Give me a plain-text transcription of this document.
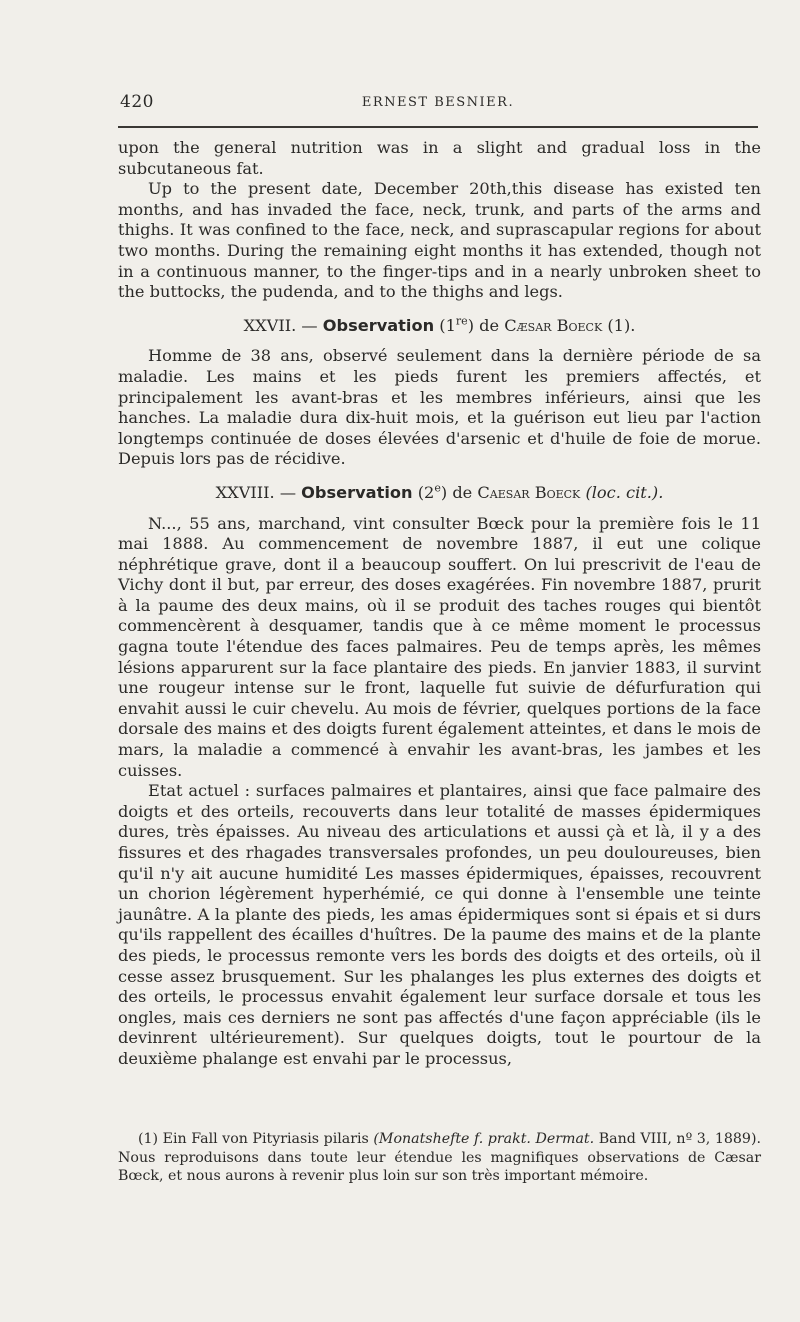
420	ERNEST BESNIER.

upon the general nutrition was in a slight and gradual loss in the subcutaneous fat.

Up to the present date, December 20th,this disease has existed ten months, and has invaded the face, neck, trunk, and parts of the arms and thighs. It was confined to the face, neck, and suprascapular regions for about two months. During the remaining eight months it has extended, though not in a continuous manner, to the finger-tips and in a nearly unbroken sheet to the buttocks, the pudenda, and to the thighs and legs.

XXVII. — Observation (1re) de Cæsar Boeck (1).

Homme de 38 ans, observé seulement dans la dernière période de sa maladie. Les mains et les pieds furent les premiers affectés, et principalement les avant-bras et les membres inférieurs, ainsi que les hanches. La maladie dura dix-huit mois, et la guérison eut lieu par l'action longtemps continuée de doses élevées d'arsenic et d'huile de foie de morue. Depuis lors pas de récidive.

XXVIII. — Observation (2e) de Caesar Boeck (loc. cit.).

N..., 55 ans, marchand, vint consulter Bœck pour la première fois le 11 mai 1888. Au commencement de novembre 1887, il eut une colique néphrétique grave, dont il a beaucoup souffert. On lui prescrivit de l'eau de Vichy dont il but, par erreur, des doses exagérées. Fin novembre 1887, prurit à la paume des deux mains, où il se produit des taches rouges qui bientôt commencèrent à desquamer, tandis que à ce même moment le processus gagna toute l'étendue des faces palmaires. Peu de temps après, les mêmes lésions apparurent sur la face plantaire des pieds. En janvier 1883, il survint une rougeur intense sur le front, laquelle fut suivie de défurfuration qui envahit aussi le cuir chevelu. Au mois de février, quelques portions de la face dorsale des mains et des doigts furent également atteintes, et dans le mois de mars, la maladie a commencé à envahir les avant-bras, les jambes et les cuisses.

Etat actuel : surfaces palmaires et plantaires, ainsi que face palmaire des doigts et des orteils, recouverts dans leur totalité de masses épidermiques dures, très épaisses. Au niveau des articulations et aussi çà et là, il y a des fissures et des rhagades transversales profondes, un peu douloureuses, bien qu'il n'y ait aucune humidité Les masses épidermiques, épaisses, recouvrent un chorion légèrement hyperhémié, ce qui donne à l'ensemble une teinte jaunâtre. A la plante des pieds, les amas épidermiques sont si épais et si durs qu'ils rappellent des écailles d'huîtres. De la paume des mains et de la plante des pieds, le processus remonte vers les bords des doigts et des orteils, où il cesse assez brusquement. Sur les phalanges les plus externes des doigts et des orteils, le processus envahit également leur surface dorsale et tous les ongles, mais ces derniers ne sont pas affectés d'une façon appréciable (ils le devinrent ultérieurement). Sur quelques doigts, tout le pourtour de la deuxième phalange est envahi par le processus,

(1) Ein Fall von Pityriasis pilaris (Monatshefte f. prakt. Dermat. Band VIII, nº 3, 1889). Nous reproduisons dans toute leur étendue les magnifiques observations de Cæsar Bœck, et nous aurons à revenir plus loin sur son très important mémoire.
